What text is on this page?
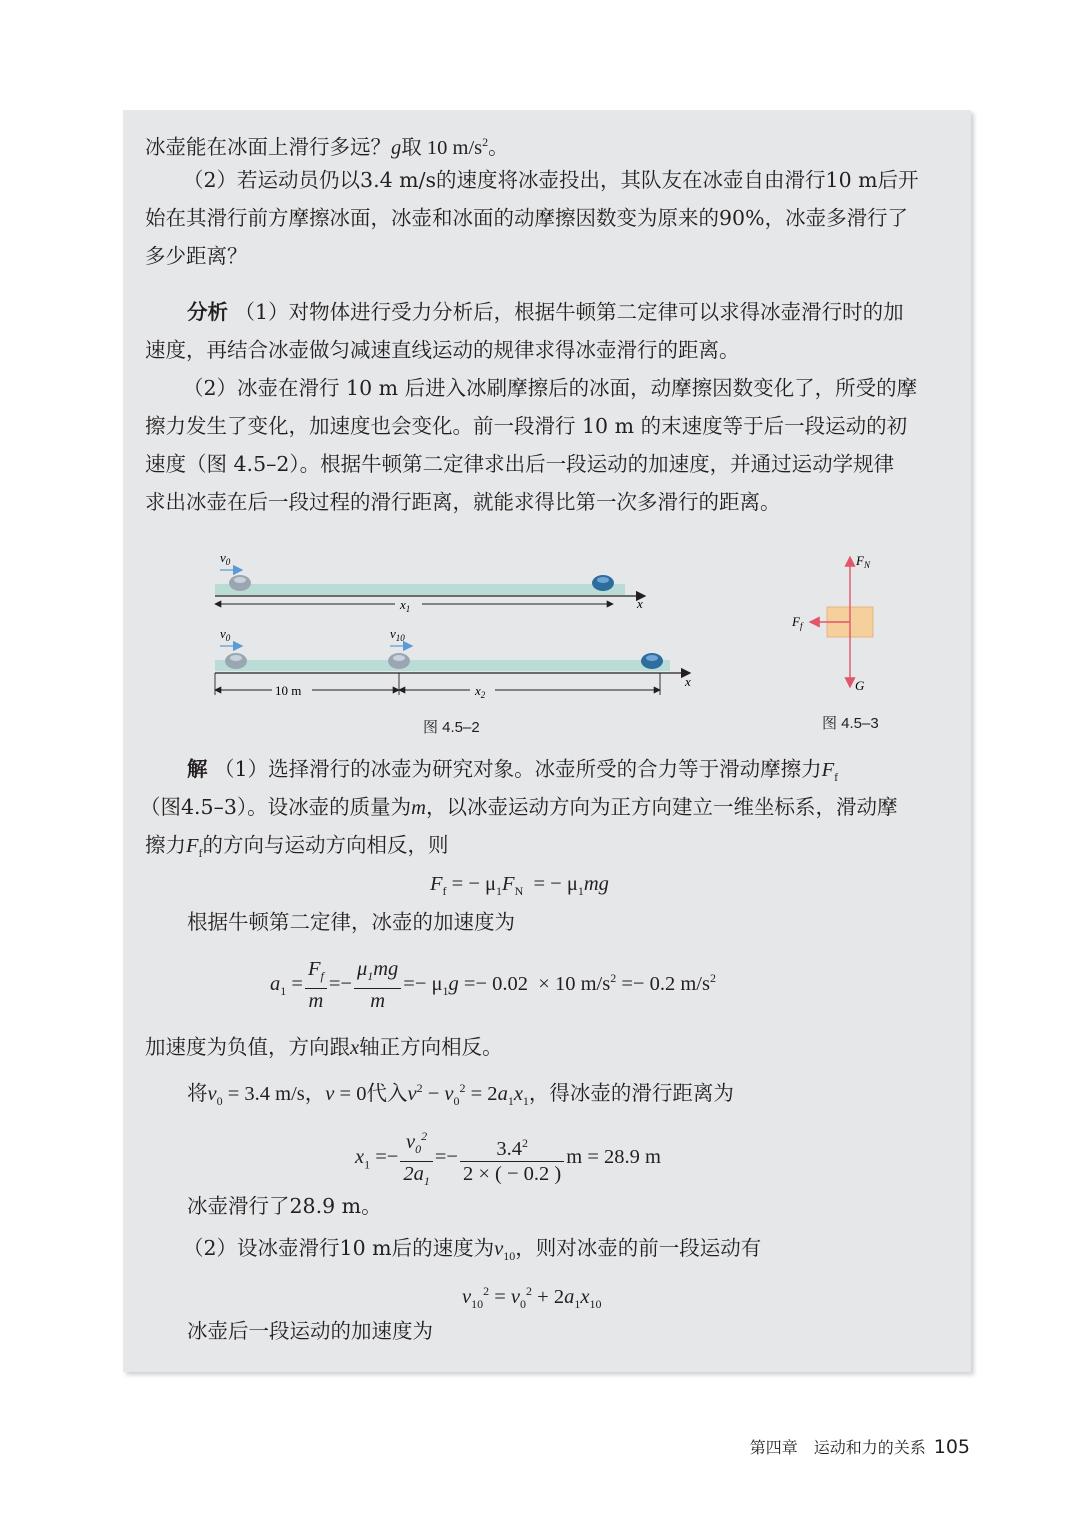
冰壶能在冰面上滑行多远？g取 10 $m/s^2$。
（2）若运动员仍以3.4 m/s的速度将冰壶投出，其队友在冰壶自由滑行10 m后开
始在其滑行前方摩擦冰面，冰壶和冰面的动摩擦因数变为原来的90%，冰壶多滑行了
多少距离？
分析 （1）对物体进行受力分析后，根据牛顿第二定律可以求得冰壶滑行时的加
速度，再结合冰壶做匀减速直线运动的规律求得冰壶滑行的距离。
（2）冰壶在滑行 10 m 后进入冰刷摩擦后的冰面，动摩擦因数变化了，所受的摩
擦力发生了变化，加速度也会变化。前一段滑行 10 m 的末速度等于后一段运动的初
速度（图 4.5–2）。根据牛顿第二定律求出后一段运动的加速度，并通过运动学规律
求出冰壶在后一段过程的滑行距离，就能求得比第一次多滑行的距离。
$v_0$
$x_1$	x
$v_0$	$v_{10}$
10 m	$x_2$
x
图 4.5–2
$F_N$
$F_f$
G
图 4.5–3
解 （1）选择滑行的冰壶为研究对象。冰壶所受的合力等于滑动摩擦力$F_f$
（图4.5–3）。设冰壶的质量为m，以冰壶运动方向为正方向建立一维坐标系，滑动摩
擦力$F_f$的方向与运动方向相反，则
$F_f$ = − $\mu_1F_N$  = − $\mu_1mg$
根据牛顿第二定律，冰壶的加速度为
$a_1 = \frac{F_f}{m} =- \frac{\mu_1mg}{m} =- \mu_1g =- 0.02 \times 10$ $m/s^2 =- 0.2$ $m/s^2$
加速度为负值，方向跟x轴正方向相反。
将$v_0 = 3.4$ m/s，v = 0代入$v^2 - v_0^2 = 2a_1x_1$，得冰壶的滑行距离为
$x_1 =- \frac{v_0^2}{2a_1} =- \frac{3.4^2}{2 \times ( - 0.2 )}$ m = 28.9 m
冰壶滑行了28.9 m。
（2）设冰壶滑行10 m后的速度为$v_{10}$，则对冰壶的前一段运动有
$v_{10}^2 = v_0^2 + 2a_1x_{10}$
冰壶后一段运动的加速度为
第四章　运动和力的关系 105
